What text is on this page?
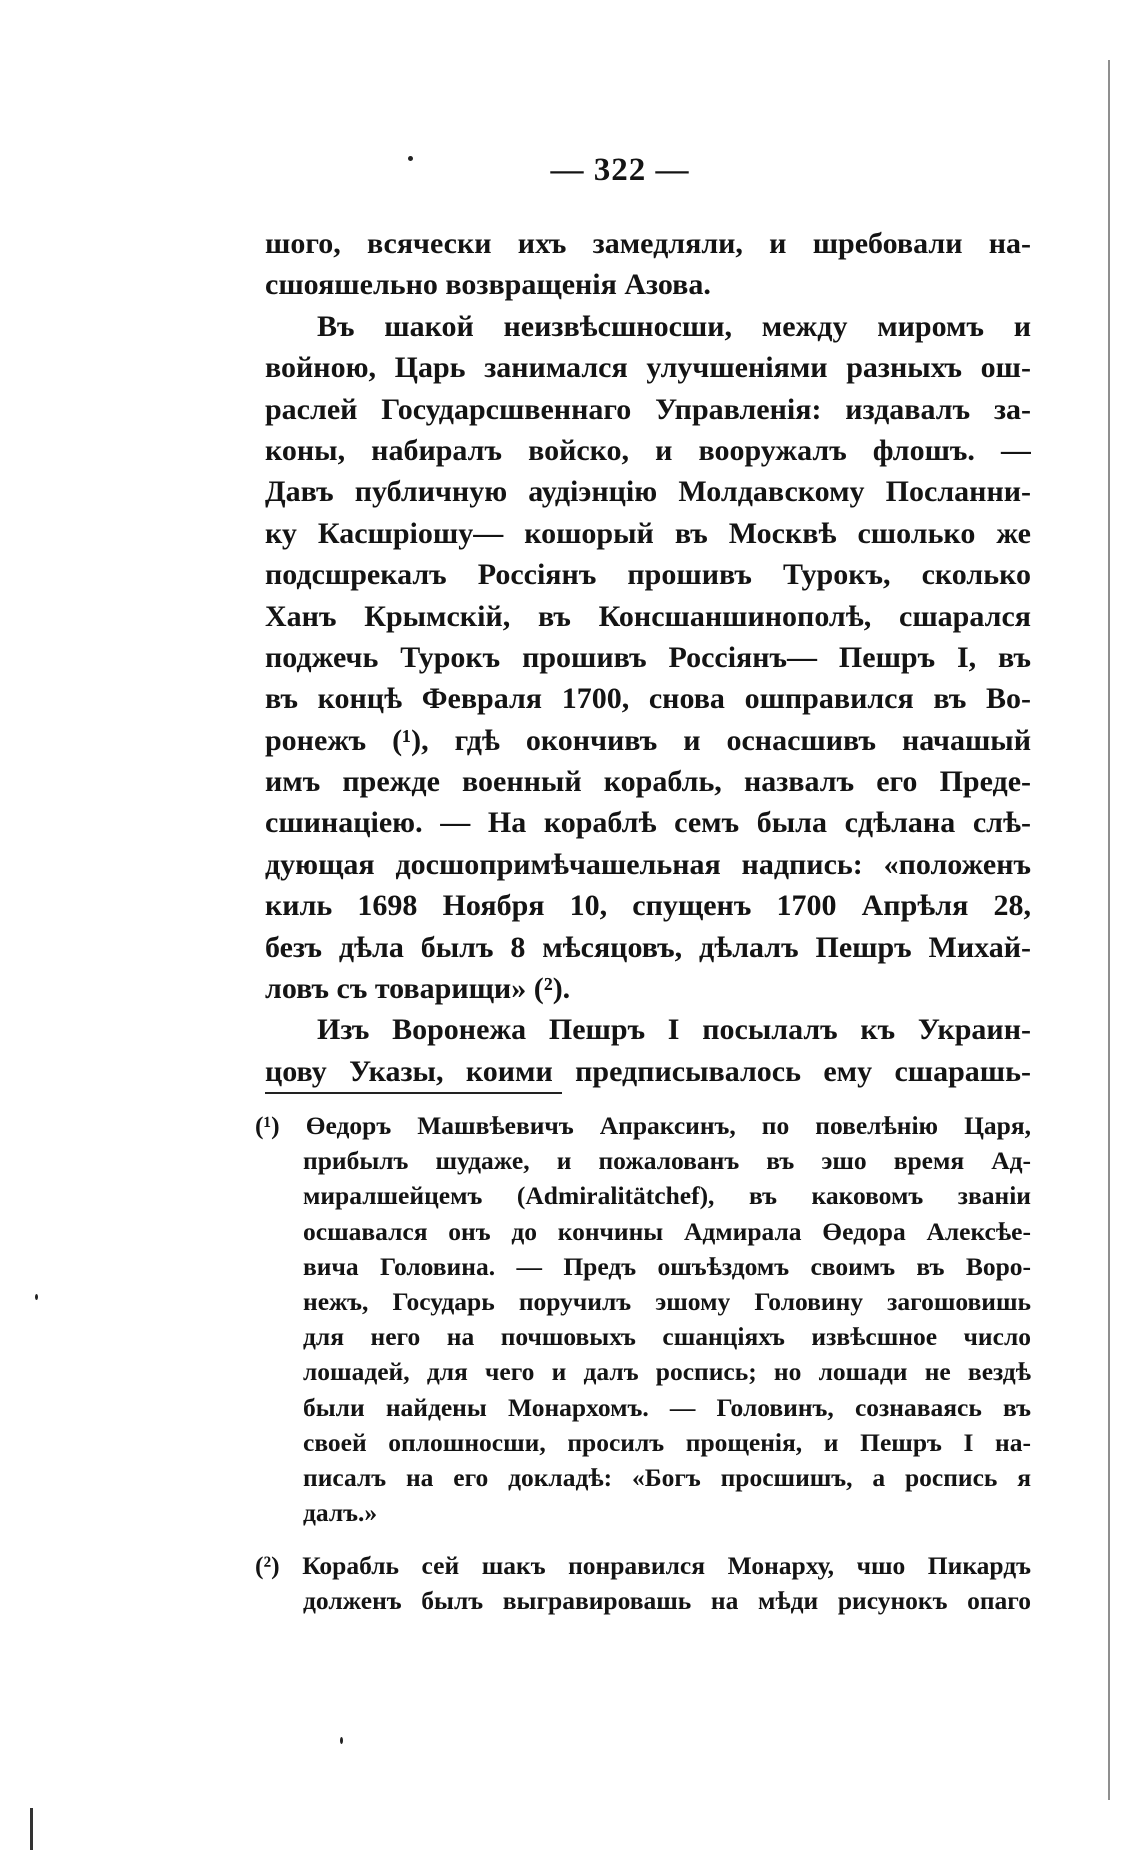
— 322 —
шого, всячески ихъ замедляли, и шребовали на-
сшояшельно возвращенія Азова.
Въ шакой неизвѣсшносши, между миромъ и
войною, Царь занимался улучшеніями разныхъ ош-
раслей Государсшвеннаго Управленія: издавалъ за-
коны, набиралъ войско, и вооружалъ флошъ. —
Давъ публичную аудіэнцію Молдавскому Посланни-
ку Касшріошу— кошорый въ Москвѣ сшолько же
подсшрекалъ Россіянъ прошивъ Турокъ, сколько
Ханъ Крымскій, въ Консшаншинополѣ, сшарался
поджечь Турокъ прошивъ Россіянъ— Пешръ I, въ
въ концѣ Февраля 1700, снова ошправился въ Во-
ронежъ (¹), гдѣ окончивъ и оснасшивъ начашый
имъ прежде военный корабль, назвалъ его Преде-
сшинаціею. — На кораблѣ семъ была сдѣлана слѣ-
дующая досшопримѣчашельная надпись: «положенъ
киль 1698 Ноября 10, спущенъ 1700 Апрѣля 28,
безъ дѣла былъ 8 мѣсяцовъ, дѣлалъ Пешръ Михай-
ловъ съ товарищи» (²).
Изъ Воронежа Пешръ I посылалъ къ Украин-
цову Указы, коими предписывалось ему сшарашь-
(¹) Өедоръ Машвѣевичъ Апраксинъ, по повелѣнію Царя,
прибылъ шудаже, и пожалованъ въ эшо время Ад-
миралшейцемъ (Admiralitätchef), въ каковомъ званіи
осшавался онъ до кончины Адмирала Өедора Алексѣе-
вича Головина. — Предъ ошъѣздомъ своимъ въ Воро-
нежъ, Государь поручилъ эшому Головину загошовишь
для него на почшовыхъ сшанціяхъ извѣсшное число
лошадей, для чего и далъ роспись; но лошади не вездѣ
были найдены Монархомъ. — Головинъ, сознаваясь въ
своей оплошносши, просилъ прощенія, и Пешръ I на-
писалъ на его докладѣ: «Богъ просшишъ, а роспись я
далъ.»
(²) Корабль сей шакъ понравился Монарху, чшо Пикардъ
долженъ былъ выгравировашь на мѣди рисунокъ опаго
